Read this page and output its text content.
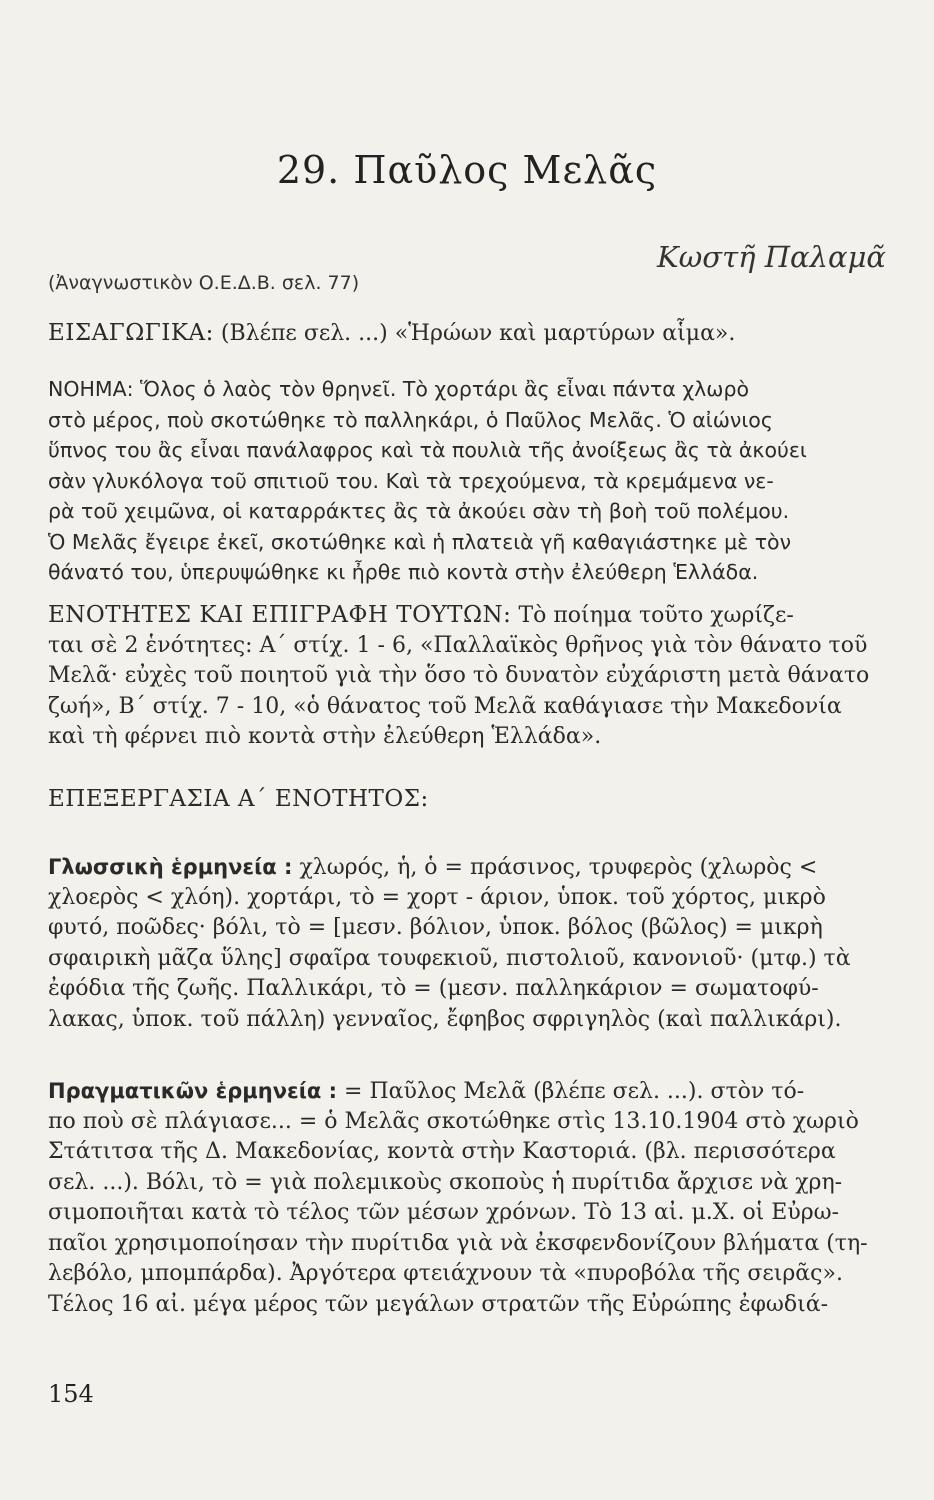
29. Παῦλος Μελᾶς
Κωστῆ Παλαμᾶ
(Ἀναγνωστικὸν Ο.Ε.Δ.Β. σελ. 77)
ΕΙΣΑΓΩΓΙΚΑ: (Βλέπε σελ. ...) «Ἡρώων καὶ μαρτύρων αἷμα».
ΝΟΗΜΑ: Ὅλος ὁ λαὸς τὸν θρηνεῖ. Τὸ χορτάρι ἂς εἶναι πάντα χλωρὸ
στὸ μέρος, ποὺ σκοτώθηκε τὸ παλληκάρι, ὁ Παῦλος Μελᾶς. Ὁ αἰώνιος
ὕπνος του ἂς εἶναι πανάλαφρος καὶ τὰ πουλιὰ τῆς ἀνοίξεως ἂς τὰ ἀκούει
σὰν γλυκόλογα τοῦ σπιτιοῦ του. Καὶ τὰ τρεχούμενα, τὰ κρεμάμενα νε-
ρὰ τοῦ χειμῶνα, οἱ καταρράκτες ἂς τὰ ἀκούει σὰν τὴ βοὴ τοῦ πολέμου.
Ὁ Μελᾶς ἔγειρε ἐκεῖ, σκοτώθηκε καὶ ἡ πλατειὰ γῆ καθαγιάστηκε μὲ τὸν
θάνατό του, ὑπερυψώθηκε κι ἦρθε πιὸ κοντὰ στὴν ἐλεύθερη Ἑλλάδα.
ΕΝΟΤΗΤΕΣ ΚΑΙ ΕΠΙΓΡΑΦΗ ΤΟΥΤΩΝ: Τὸ ποίημα τοῦτο χωρίζε-
ται σὲ 2 ἑνότητες: Α΄ στίχ. 1 - 6, «Παλλαϊκὸς θρῆνος γιὰ τὸν θάνατο τοῦ
Μελᾶ· εὐχὲς τοῦ ποιητοῦ γιὰ τὴν ὅσο τὸ δυνατὸν εὐχάριστη μετὰ θάνατο
ζωή», Β΄ στίχ. 7 - 10, «ὁ θάνατος τοῦ Μελᾶ καθάγιασε τὴν Μακεδονία
καὶ τὴ φέρνει πιὸ κοντὰ στὴν ἐλεύθερη Ἑλλάδα».
ΕΠΕΞΕΡΓΑΣΙΑ Α΄ ΕΝΟΤΗΤΟΣ:
Γλωσσικὴ ἑρμηνεία : χλωρός, ἡ, ὁ = πράσινος, τρυφερὸς (χλωρὸς <
χλοερὸς < χλόη). χορτάρι, τὸ = χορτ - άριον, ὑποκ. τοῦ χόρτος, μικρὸ
φυτό, ποῶδες· βόλι, τὸ = [μεσν. βόλιον, ὑποκ. βόλος (βῶλος) = μικρὴ
σφαιρικὴ μᾶζα ὕλης] σφαῖρα τουφεκιοῦ, πιστολιοῦ, κανονιοῦ· (μτφ.) τὰ
ἐφόδια τῆς ζωῆς. Παλλικάρι, τὸ = (μεσν. παλληκάριον = σωματοφύ-
λακας, ὑποκ. τοῦ πάλλη) γενναῖος, ἔφηβος σφριγηλὸς (καὶ παλλικάρι).
Πραγματικῶν ἑρμηνεία : = Παῦλος Μελᾶ (βλέπε σελ. ...). στὸν τό-
πο ποὺ σὲ πλάγιασε... = ὁ Μελᾶς σκοτώθηκε στὶς 13.10.1904 στὸ χωριὸ
Στάτιτσα τῆς Δ. Μακεδονίας, κοντὰ στὴν Καστοριά. (βλ. περισσότερα
σελ. ...). Βόλι, τὸ = γιὰ πολεμικοὺς σκοποὺς ἡ πυρίτιδα ἄρχισε νὰ χρη-
σιμοποιῆται κατὰ τὸ τέλος τῶν μέσων χρόνων. Τὸ 13 αἰ. μ.Χ. οἱ Εὐρω-
παῖοι χρησιμοποίησαν τὴν πυρίτιδα γιὰ νὰ ἐκσφενδονίζουν βλήματα (τη-
λεβόλο, μπομπάρδα). Ἀργότερα φτειάχνουν τὰ «πυροβόλα τῆς σειρᾶς».
Τέλος 16 αἰ. μέγα μέρος τῶν μεγάλων στρατῶν τῆς Εὐρώπης ἐφωδιά-
154
